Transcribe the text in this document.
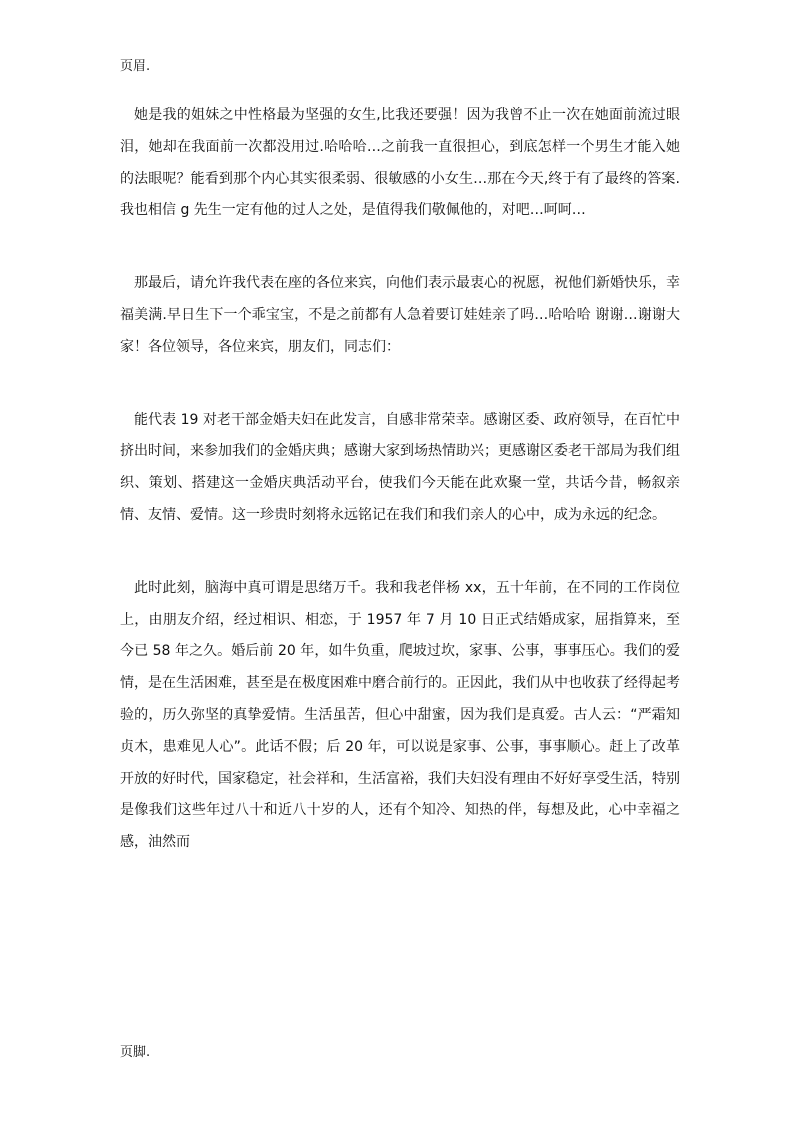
页眉.

她是我的姐妹之中性格最为坚强的女生,比我还要强！因为我曾不止一次在她面前流过眼泪，她却在我面前一次都没用过.哈哈哈…之前我一直很担心，到底怎样一个男生才能入她的法眼呢？能看到那个内心其实很柔弱、很敏感的小女生…那在今天,终于有了最终的答案.我也相信 g 先生一定有他的过人之处，是值得我们敬佩他的，对吧…呵呵…

那最后，请允许我代表在座的各位来宾，向他们表示最衷心的祝愿，祝他们新婚快乐，幸福美满.早日生下一个乖宝宝，不是之前都有人急着要订娃娃亲了吗…哈哈哈 谢谢…谢谢大家！各位领导，各位来宾，朋友们，同志们：

能代表 19 对老干部金婚夫妇在此发言，自感非常荣幸。感谢区委、政府领导，在百忙中挤出时间，来参加我们的金婚庆典；感谢大家到场热情助兴；更感谢区委老干部局为我们组织、策划、搭建这一金婚庆典活动平台，使我们今天能在此欢聚一堂，共话今昔，畅叙亲情、友情、爱情。这一珍贵时刻将永远铭记在我们和我们亲人的心中，成为永远的纪念。

此时此刻，脑海中真可谓是思绪万千。我和我老伴杨 xx，五十年前，在不同的工作岗位上，由朋友介绍，经过相识、相恋，于 1957 年 7 月 10 日正式结婚成家，屈指算来，至今已 58 年之久。婚后前 20 年，如牛负重，爬坡过坎，家事、公事，事事压心。我们的爱情，是在生活困难，甚至是在极度困难中磨合前行的。正因此，我们从中也收获了经得起考验的，历久弥坚的真挚爱情。生活虽苦，但心中甜蜜，因为我们是真爱。古人云：“严霜知贞木，患难见人心”。此话不假；后 20 年，可以说是家事、公事，事事顺心。赶上了改革开放的好时代，国家稳定，社会祥和，生活富裕，我们夫妇没有理由不好好享受生活，特别是像我们这些年过八十和近八十岁的人，还有个知冷、知热的伴，每想及此，心中幸福之感，油然而

页脚.
